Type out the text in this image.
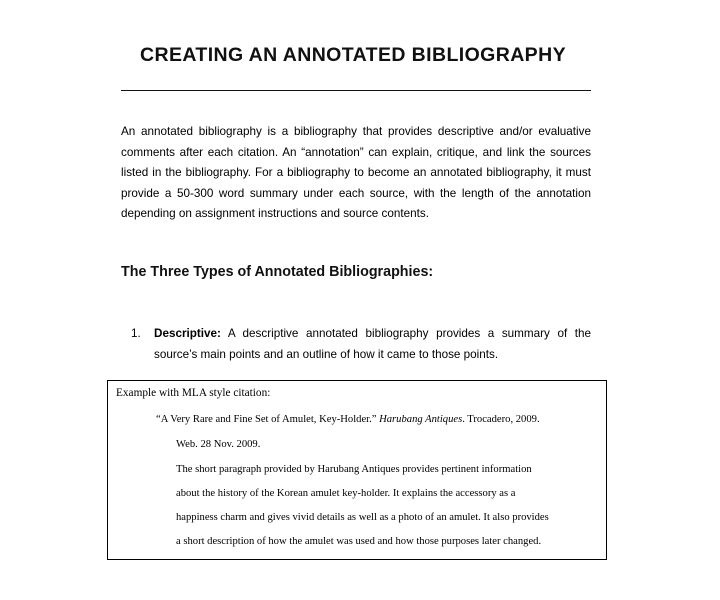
CREATING AN ANNOTATED BIBLIOGRAPHY
An annotated bibliography is a bibliography that provides descriptive and/or evaluative comments after each citation. An “annotation” can explain, critique, and link the sources listed in the bibliography. For a bibliography to become an annotated bibliography, it must provide a 50-300 word summary under each source, with the length of the annotation depending on assignment instructions and source contents.
The Three Types of Annotated Bibliographies:
1. Descriptive: A descriptive annotated bibliography provides a summary of the source’s main points and an outline of how it came to those points.
Example with MLA style citation:
“A Very Rare and Fine Set of Amulet, Key-Holder.” Harubang Antiques. Trocadero, 2009.
Web. 28 Nov. 2009.
The short paragraph provided by Harubang Antiques provides pertinent information
about the history of the Korean amulet key-holder. It explains the accessory as a
happiness charm and gives vivid details as well as a photo of an amulet. It also provides
a short description of how the amulet was used and how those purposes later changed.
